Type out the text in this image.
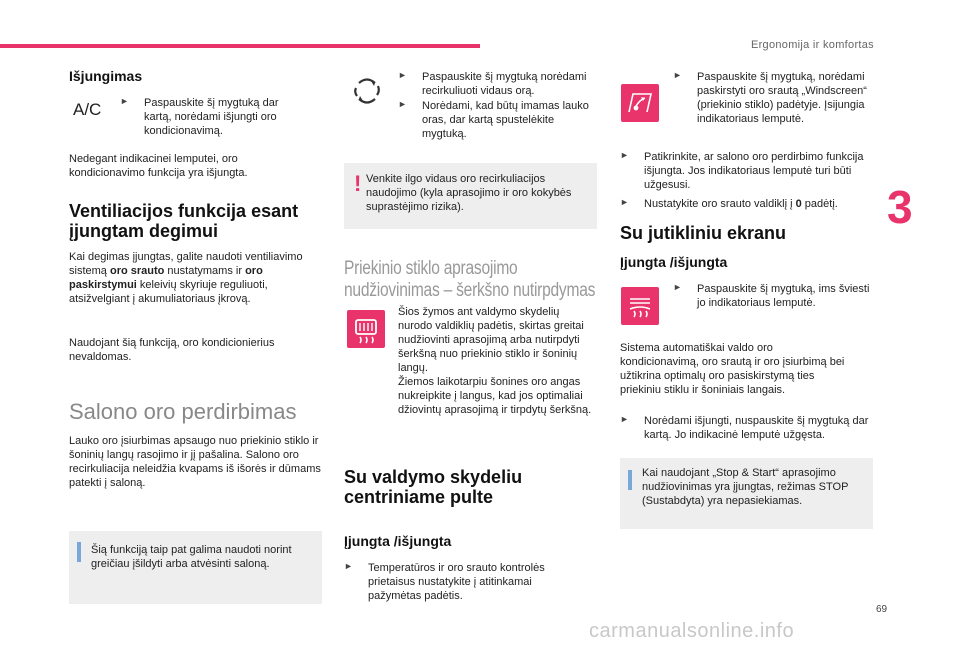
Ergonomija ir komfortas
3
Išjungimas
A/C ► Paspauskite šį mygtuką dar kartą, norėdami išjungti oro kondicionavimą.

Nedegant indikacinei lemputei, oro kondicionavimo funkcija yra išjungta.

Ventiliacijos funkcija esant įjungtam degimui

Kai degimas įjungtas, galite naudoti ventiliavimo sistemą oro srauto nustatymams ir oro paskirstymui keleivių skyriuje reguliuoti, atsižvelgiant į akumuliatoriaus įkrovą.

Naudojant šią funkciją, oro kondicionierius nevaldomas.

Salono oro perdirbimas

Lauko oro įsiurbimas apsaugo nuo priekinio stiklo ir šoninių langų rasojimo ir jį pašalina. Salono oro recirkuliacija neleidžia kvapams iš išorės ir dūmams patekti į saloną.

Šią funkciją taip pat galima naudoti norint greičiau įšildyti arba atvėsinti saloną.

► Paspauskite šį mygtuką norėdami recirkuliuoti vidaus orą.

► Norėdami, kad būtų imamas lauko oras, dar kartą spustelėkite mygtuką.

! Venkite ilgo vidaus oro recirkuliacijos naudojimo (kyla aprasojimo ir oro kokybės suprastėjimo rizika).

Priekinio stiklo aprasojimo
nudžiovinimas – šerkšno nutirpdymas

Šios žymos ant valdymo skydelių nurodo valdiklių padėtis, skirtas greitai nudžiovinti aprasojimą arba nutirpdyti šerkšną nuo priekinio stiklo ir šoninių langų.

Žiemos laikotarpiu šonines oro angas nukreipkite į langus, kad jos optimaliai džiovintų aprasojimą ir tirpdytų šerkšną.

Su valdymo skydeliu centriniame pulte
Įjungta /išjungta
► Temperatūros ir oro srauto kontrolės prietaisus nustatykite į atitinkamai pažymėtas padėtis.

► Paspauskite šį mygtuką, norėdami paskirstyti oro srautą „Windscreen“ (priekinio stiklo) padėtyje. Įsijungia indikatoriaus lemputė.

► Patikrinkite, ar salono oro perdirbimo funkcija išjungta. Jos indikatoriaus lemputė turi būti užgesusi.

► Nustatykite oro srauto valdiklį į 0 padėtį.

Su jutikliniu ekranu
Įjungta /išjungta
► Paspauskite šį mygtuką, ims šviesti jo indikatoriaus lemputė.

Sistema automatiškai valdo oro kondicionavimą, oro srautą ir oro įsiurbimą bei užtikrina optimalų oro pasiskirstymą ties priekiniu stiklu ir šoniniais langais.

► Norėdami išjungti, nuspauskite šį mygtuką dar kartą. Jo indikacinė lemputė užgęsta.

Kai naudojant „Stop & Start“ aprasojimo nudžiovinimas yra įjungtas, režimas STOP (Sustabdyta) yra nepasiekiamas.

69
carmanualsonline.info
